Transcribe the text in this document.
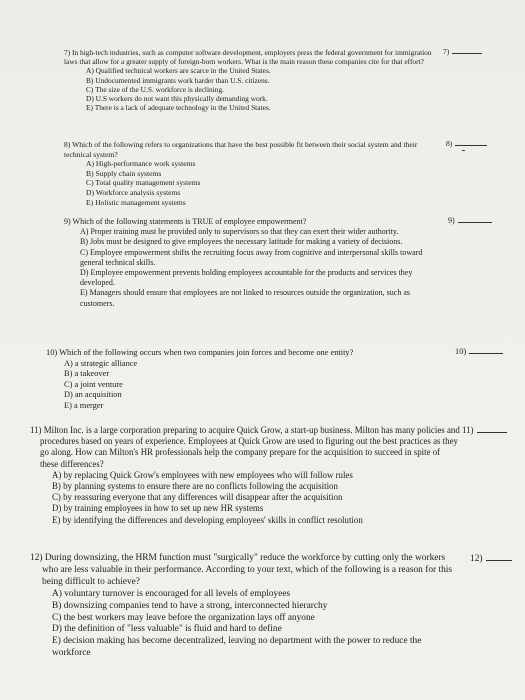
7) In high-tech industries, such as computer software development, employers press the federal government for immigration laws that allow for a greater supply of foreign-born workers. What is the main reason these companies cite for that effort?

A) Qualified technical workers are scarce in the United States.
B) Undocumented immigrants work harder than U.S. citizens.
C) The size of the U.S. workforce is declining.
D) U.S workers do not want this physically demanding work.
E) There is a lack of adequate technology in the United States.
7)

8) Which of the following refers to organizations that have the best possible fit between their social system and their technical system?

A) High-performance work systems
B) Supply chain systems
C) Total quality management systems
D) Workforce analysis systems
E) Holistic management systems
8)

9) Which of the following statements is TRUE of employee empowerment?

A) Proper training must be provided only to supervisors so that they can exert their wider authority.
B) Jobs must be designed to give employees the necessary latitude for making a variety of decisions.
C) Employee empowerment shifts the recruiting focus away from cognitive and interpersonal skills toward general technical skills.
D) Employee empowerment prevents holding employees accountable for the products and services they developed.
E) Managers should ensure that employees are not linked to resources outside the organization, such as customers.
9)

10) Which of the following occurs when two companies join forces and become one entity?

A) a strategic alliance
B) a takeover
C) a joint venture
D) an acquisition
E) a merger
10)

11) Milton Inc. is a large corporation preparing to acquire Quick Grow, a start-up business. Milton has many policies and procedures based on years of experience. Employees at Quick Grow are used to figuring out the best practices as they go along. How can Milton's HR professionals help the company prepare for the acquisition to succeed in spite of these differences?

A) by replacing Quick Grow's employees with new employees who will follow rules
B) by planning systems to ensure there are no conflicts following the acquisition
C) by reassuring everyone that any differences will disappear after the acquisition
D) by training employees in how to set up new HR systems
E) by identifying the differences and developing employees' skills in conflict resolution
11)

12) During downsizing, the HRM function must "surgically" reduce the workforce by cutting only the workers who are less valuable in their performance. According to your text, which of the following is a reason for this being difficult to achieve?

A) voluntary turnover is encouraged for all levels of employees
B) downsizing companies tend to have a strong, interconnected hierarchy
C) the best workers may leave before the organization lays off anyone
D) the definition of "less valuable" is fluid and hard to define
E) decision making has become decentralized, leaving no department with the power to reduce the workforce
12)
